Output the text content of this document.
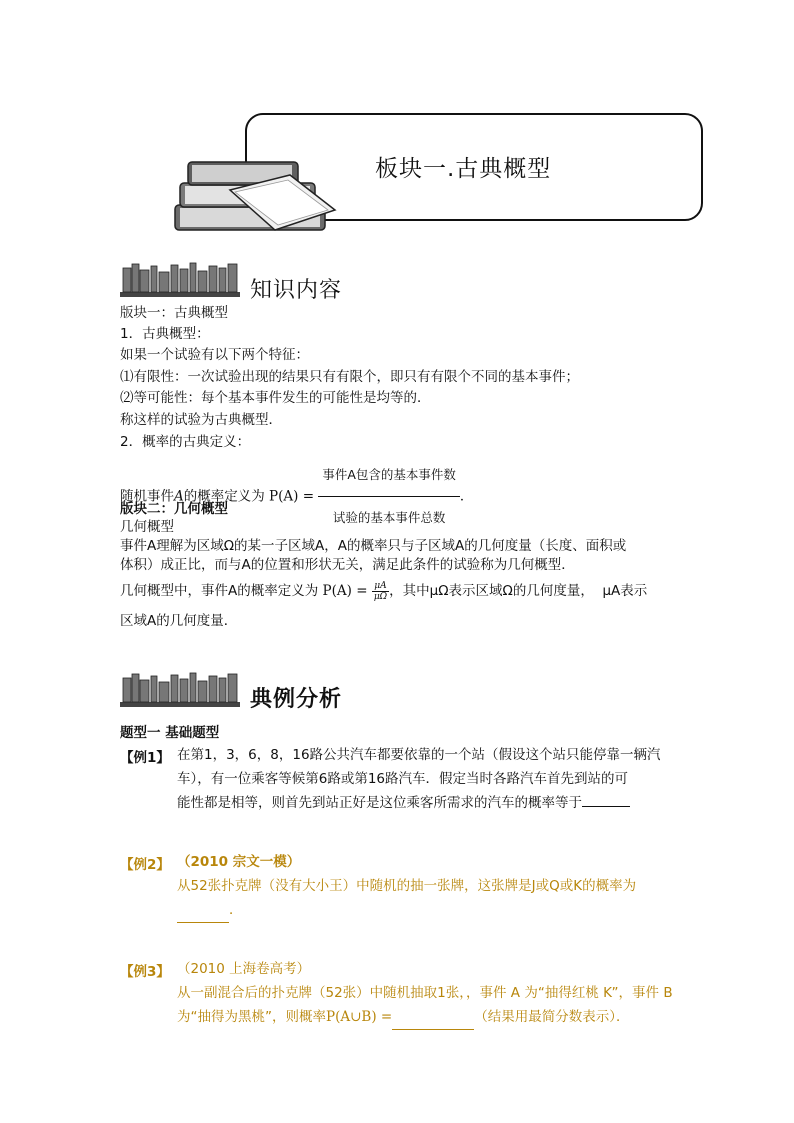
板块一.古典概型
知识内容
版块一：古典概型
1．古典概型：
如果一个试验有以下两个特征：
⑴有限性：一次试验出现的结果只有有限个，即只有有限个不同的基本事件；
⑵等可能性：每个基本事件发生的可能性是均等的．
称这样的试验为古典概型．
2．概率的古典定义：
随机事件A的概率定义为 $P(A) = \frac{\text{事件A包含的基本事件数}}{\text{试验的基本事件总数}}$ ．
版块二：几何概型
几何概型
事件A理解为区域Ω的某一子区域A，A的概率只与子区域A的几何度量（长度、面积或
体积）成正比，而与A的位置和形状无关，满足此条件的试验称为几何概型．
几何概型中，事件A的概率定义为 $P(A) = \frac{\mu A}{\mu\Omega}$ ，其中μΩ表示区域Ω的几何度量， μA表示
区域A的几何度量．
典例分析
题型一 基础题型
【例1】 在第1，3，6，8，16路公共汽车都要依靠的一个站（假设这个站只能停靠一辆汽
车），有一位乘客等候第6路或第16路汽车．假定当时各路汽车首先到站的可
能性都是相等，则首先到站正好是这位乘客所需求的汽车的概率等于
【例2】 （2010 宗文一模）
从52张扑克牌（没有大小王）中随机的抽一张牌，这张牌是J或Q或K的概率为
．
【例3】 （2010 上海卷高考）
从一副混合后的扑克牌（52张）中随机抽取1张，，事件 A 为“抽得红桃 K”，事件 B
为“抽得为黑桃”，则概率P(A∪B) =	（结果用最简分数表示）．
